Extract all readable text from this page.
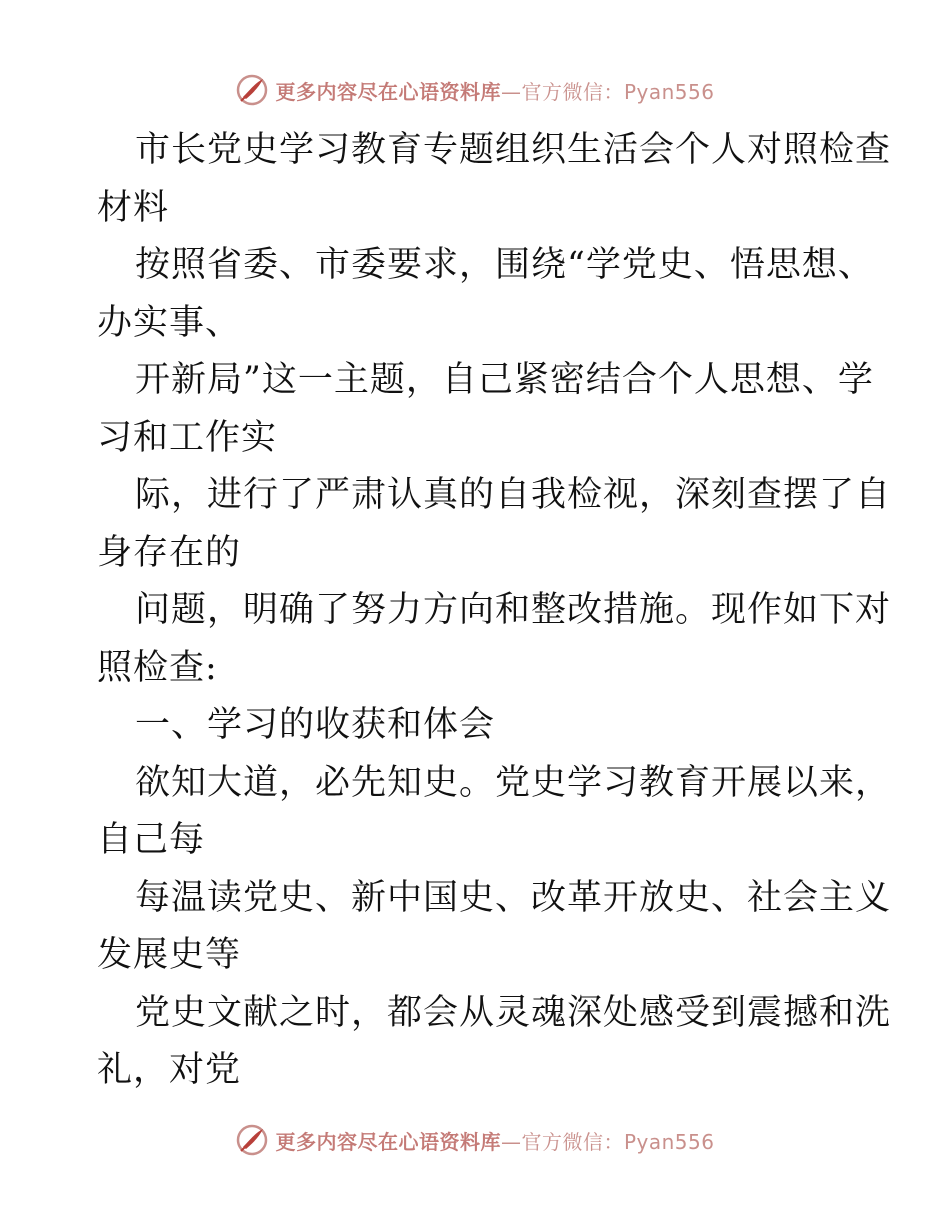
更多内容尽在心语资料库—官方微信：Pyan556
市长党史学习教育专题组织生活会个人对照检查
材料
按照省委、市委要求，围绕“学党史、悟思想、
办实事、
开新局”这一主题，自己紧密结合个人思想、学
习和工作实
际，进行了严肃认真的自我检视，深刻查摆了自
身存在的
问题，明确了努力方向和整改措施。现作如下对
照检查:
一、学习的收获和体会
欲知大道，必先知史。党史学习教育开展以来，
自己每
每温读党史、新中国史、改革开放史、社会主义
发展史等
党史文献之时，都会从灵魂深处感受到震撼和洗
礼，对党
更多内容尽在心语资料库—官方微信：Pyan556
